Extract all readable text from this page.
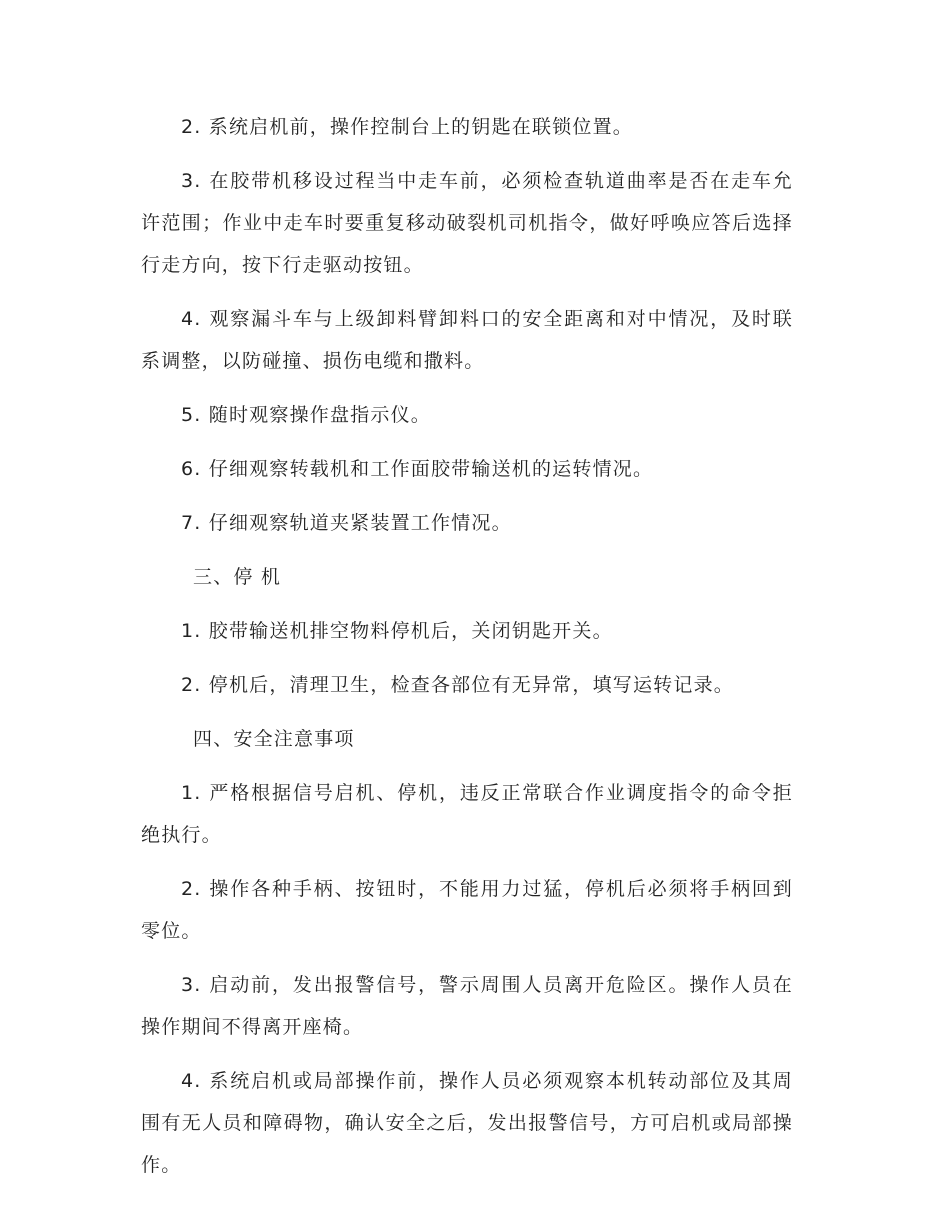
2. 系统启机前，操作控制台上的钥匙在联锁位置。

3. 在胶带机移设过程当中走车前，必须检查轨道曲率是否在走车允许范围；作业中走车时要重复移动破裂机司机指令，做好呼唤应答后选择行走方向，按下行走驱动按钮。

4. 观察漏斗车与上级卸料臂卸料口的安全距离和对中情况，及时联系调整，以防碰撞、损伤电缆和撒料。

5. 随时观察操作盘指示仪。

6. 仔细观察转载机和工作面胶带输送机的运转情况。

7. 仔细观察轨道夹紧装置工作情况。

三、停 机

1. 胶带输送机排空物料停机后，关闭钥匙开关。

2. 停机后，清理卫生，检查各部位有无异常，填写运转记录。

四、安全注意事项

1. 严格根据信号启机、停机，违反正常联合作业调度指令的命令拒绝执行。

2. 操作各种手柄、按钮时，不能用力过猛，停机后必须将手柄回到零位。

3. 启动前，发出报警信号，警示周围人员离开危险区。操作人员在操作期间不得离开座椅。

4. 系统启机或局部操作前，操作人员必须观察本机转动部位及其周围有无人员和障碍物，确认安全之后，发出报警信号，方可启机或局部操作。
